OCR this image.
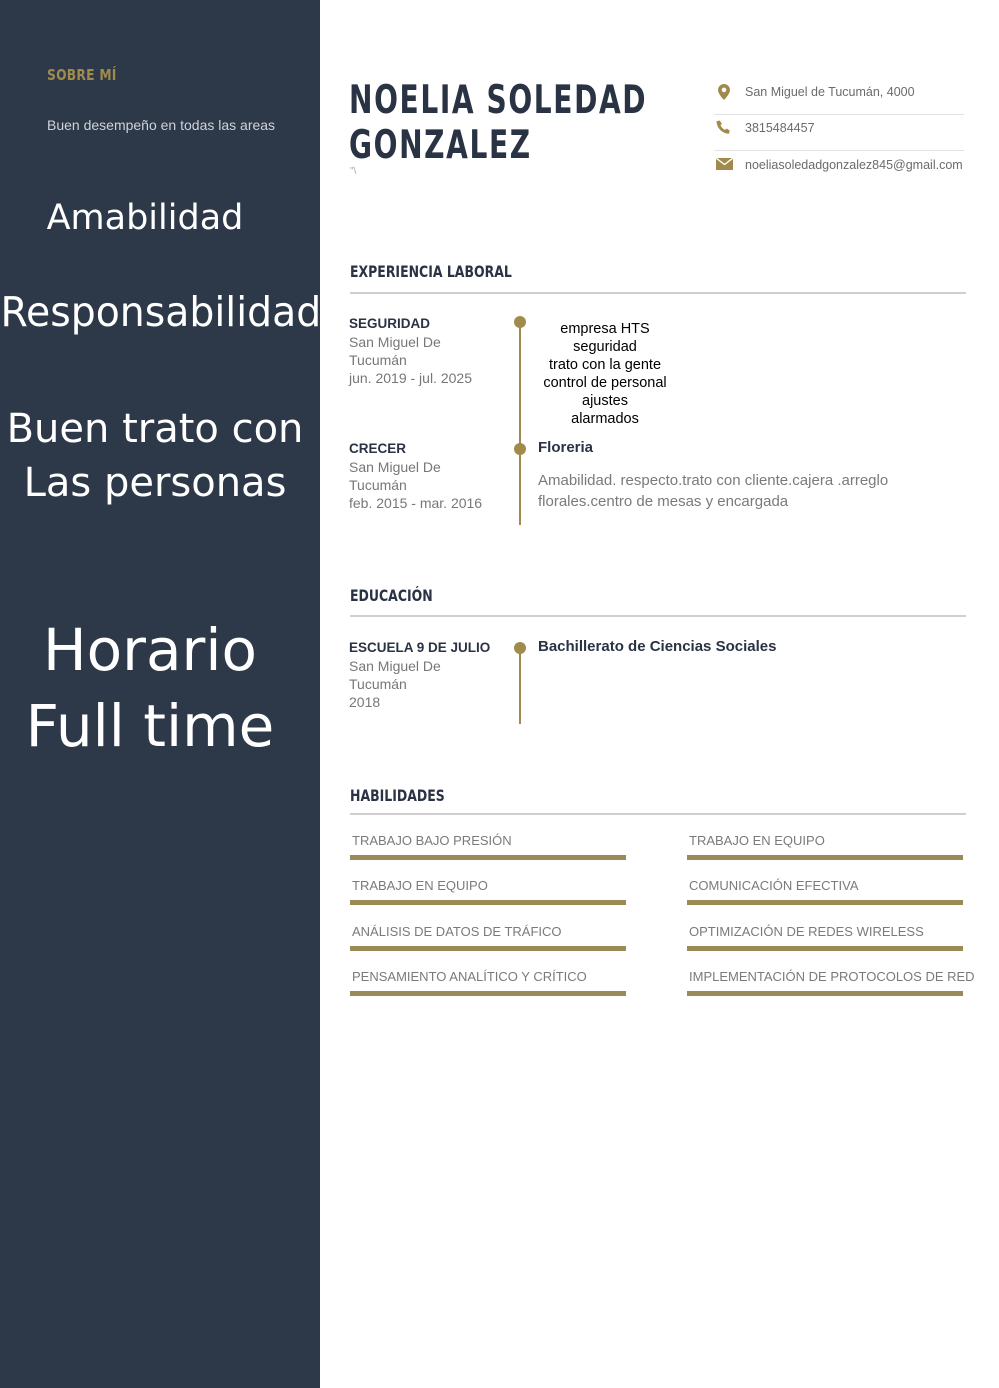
SOBRE MÍ
Buen desempeño en todas las areas
Amabilidad
Responsabilidad
Buen trato con
Las personas
Horario
Full time
NOELIA SOLEDAD
GONZALEZ
"\
San Miguel de Tucumán, 4000
3815484457
noeliasoledadgonzalez845@gmail.com
EXPERIENCIA LABORAL
SEGURIDAD
San Miguel De
Tucumán
jun. 2019 - jul. 2025
empresa HTS
seguridad
trato con la gente
control de personal
ajustes
alarmados
CRECER
San Miguel De
Tucumán
feb. 2015 - mar. 2016
Floreria
Amabilidad. respecto.trato con cliente.cajera .arreglo florales.centro de mesas y encargada
EDUCACIÓN
ESCUELA 9 DE JULIO
San Miguel De
Tucumán
2018
Bachillerato de Ciencias Sociales
HABILIDADES
TRABAJO BAJO PRESIÓN	TRABAJO EN EQUIPO
TRABAJO EN EQUIPO	COMUNICACIÓN EFECTIVA
ANÁLISIS DE DATOS DE TRÁFICO	OPTIMIZACIÓN DE REDES WIRELESS
PENSAMIENTO ANALÍTICO Y CRÍTICO	IMPLEMENTACIÓN DE PROTOCOLOS DE RED
